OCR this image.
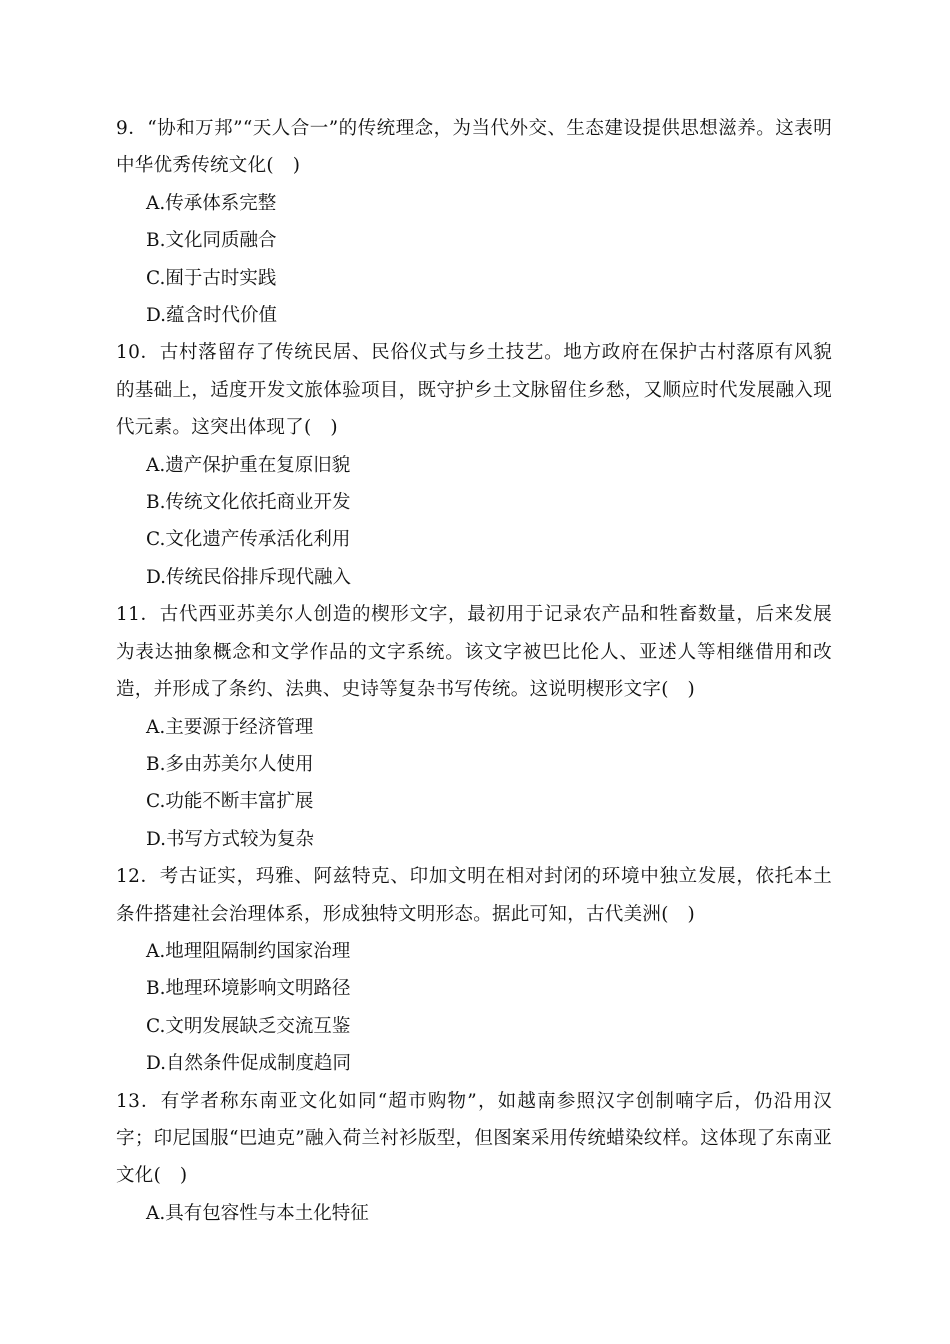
9．“协和万邦”“天人合一”的传统理念，为当代外交、生态建设提供思想滋养。这表明中华优秀传统文化(　)

A.传承体系完整
B.文化同质融合
C.囿于古时实践
D.蕴含时代价值

10．古村落留存了传统民居、民俗仪式与乡土技艺。地方政府在保护古村落原有风貌的基础上，适度开发文旅体验项目，既守护乡土文脉留住乡愁，又顺应时代发展融入现代元素。这突出体现了(　)

A.遗产保护重在复原旧貌
B.传统文化依托商业开发
C.文化遗产传承活化利用
D.传统民俗排斥现代融入

11．古代西亚苏美尔人创造的楔形文字，最初用于记录农产品和牲畜数量，后来发展为表达抽象概念和文学作品的文字系统。该文字被巴比伦人、亚述人等相继借用和改造，并形成了条约、法典、史诗等复杂书写传统。这说明楔形文字(　)

A.主要源于经济管理
B.多由苏美尔人使用
C.功能不断丰富扩展
D.书写方式较为复杂

12．考古证实，玛雅、阿兹特克、印加文明在相对封闭的环境中独立发展，依托本土条件搭建社会治理体系，形成独特文明形态。据此可知，古代美洲(　)

A.地理阻隔制约国家治理
B.地理环境影响文明路径
C.文明发展缺乏交流互鉴
D.自然条件促成制度趋同

13．有学者称东南亚文化如同“超市购物”，如越南参照汉字创制喃字后，仍沿用汉字；印尼国服“巴迪克”融入荷兰衬衫版型，但图案采用传统蜡染纹样。这体现了东南亚文化(　)

A.具有包容性与本土化特征
